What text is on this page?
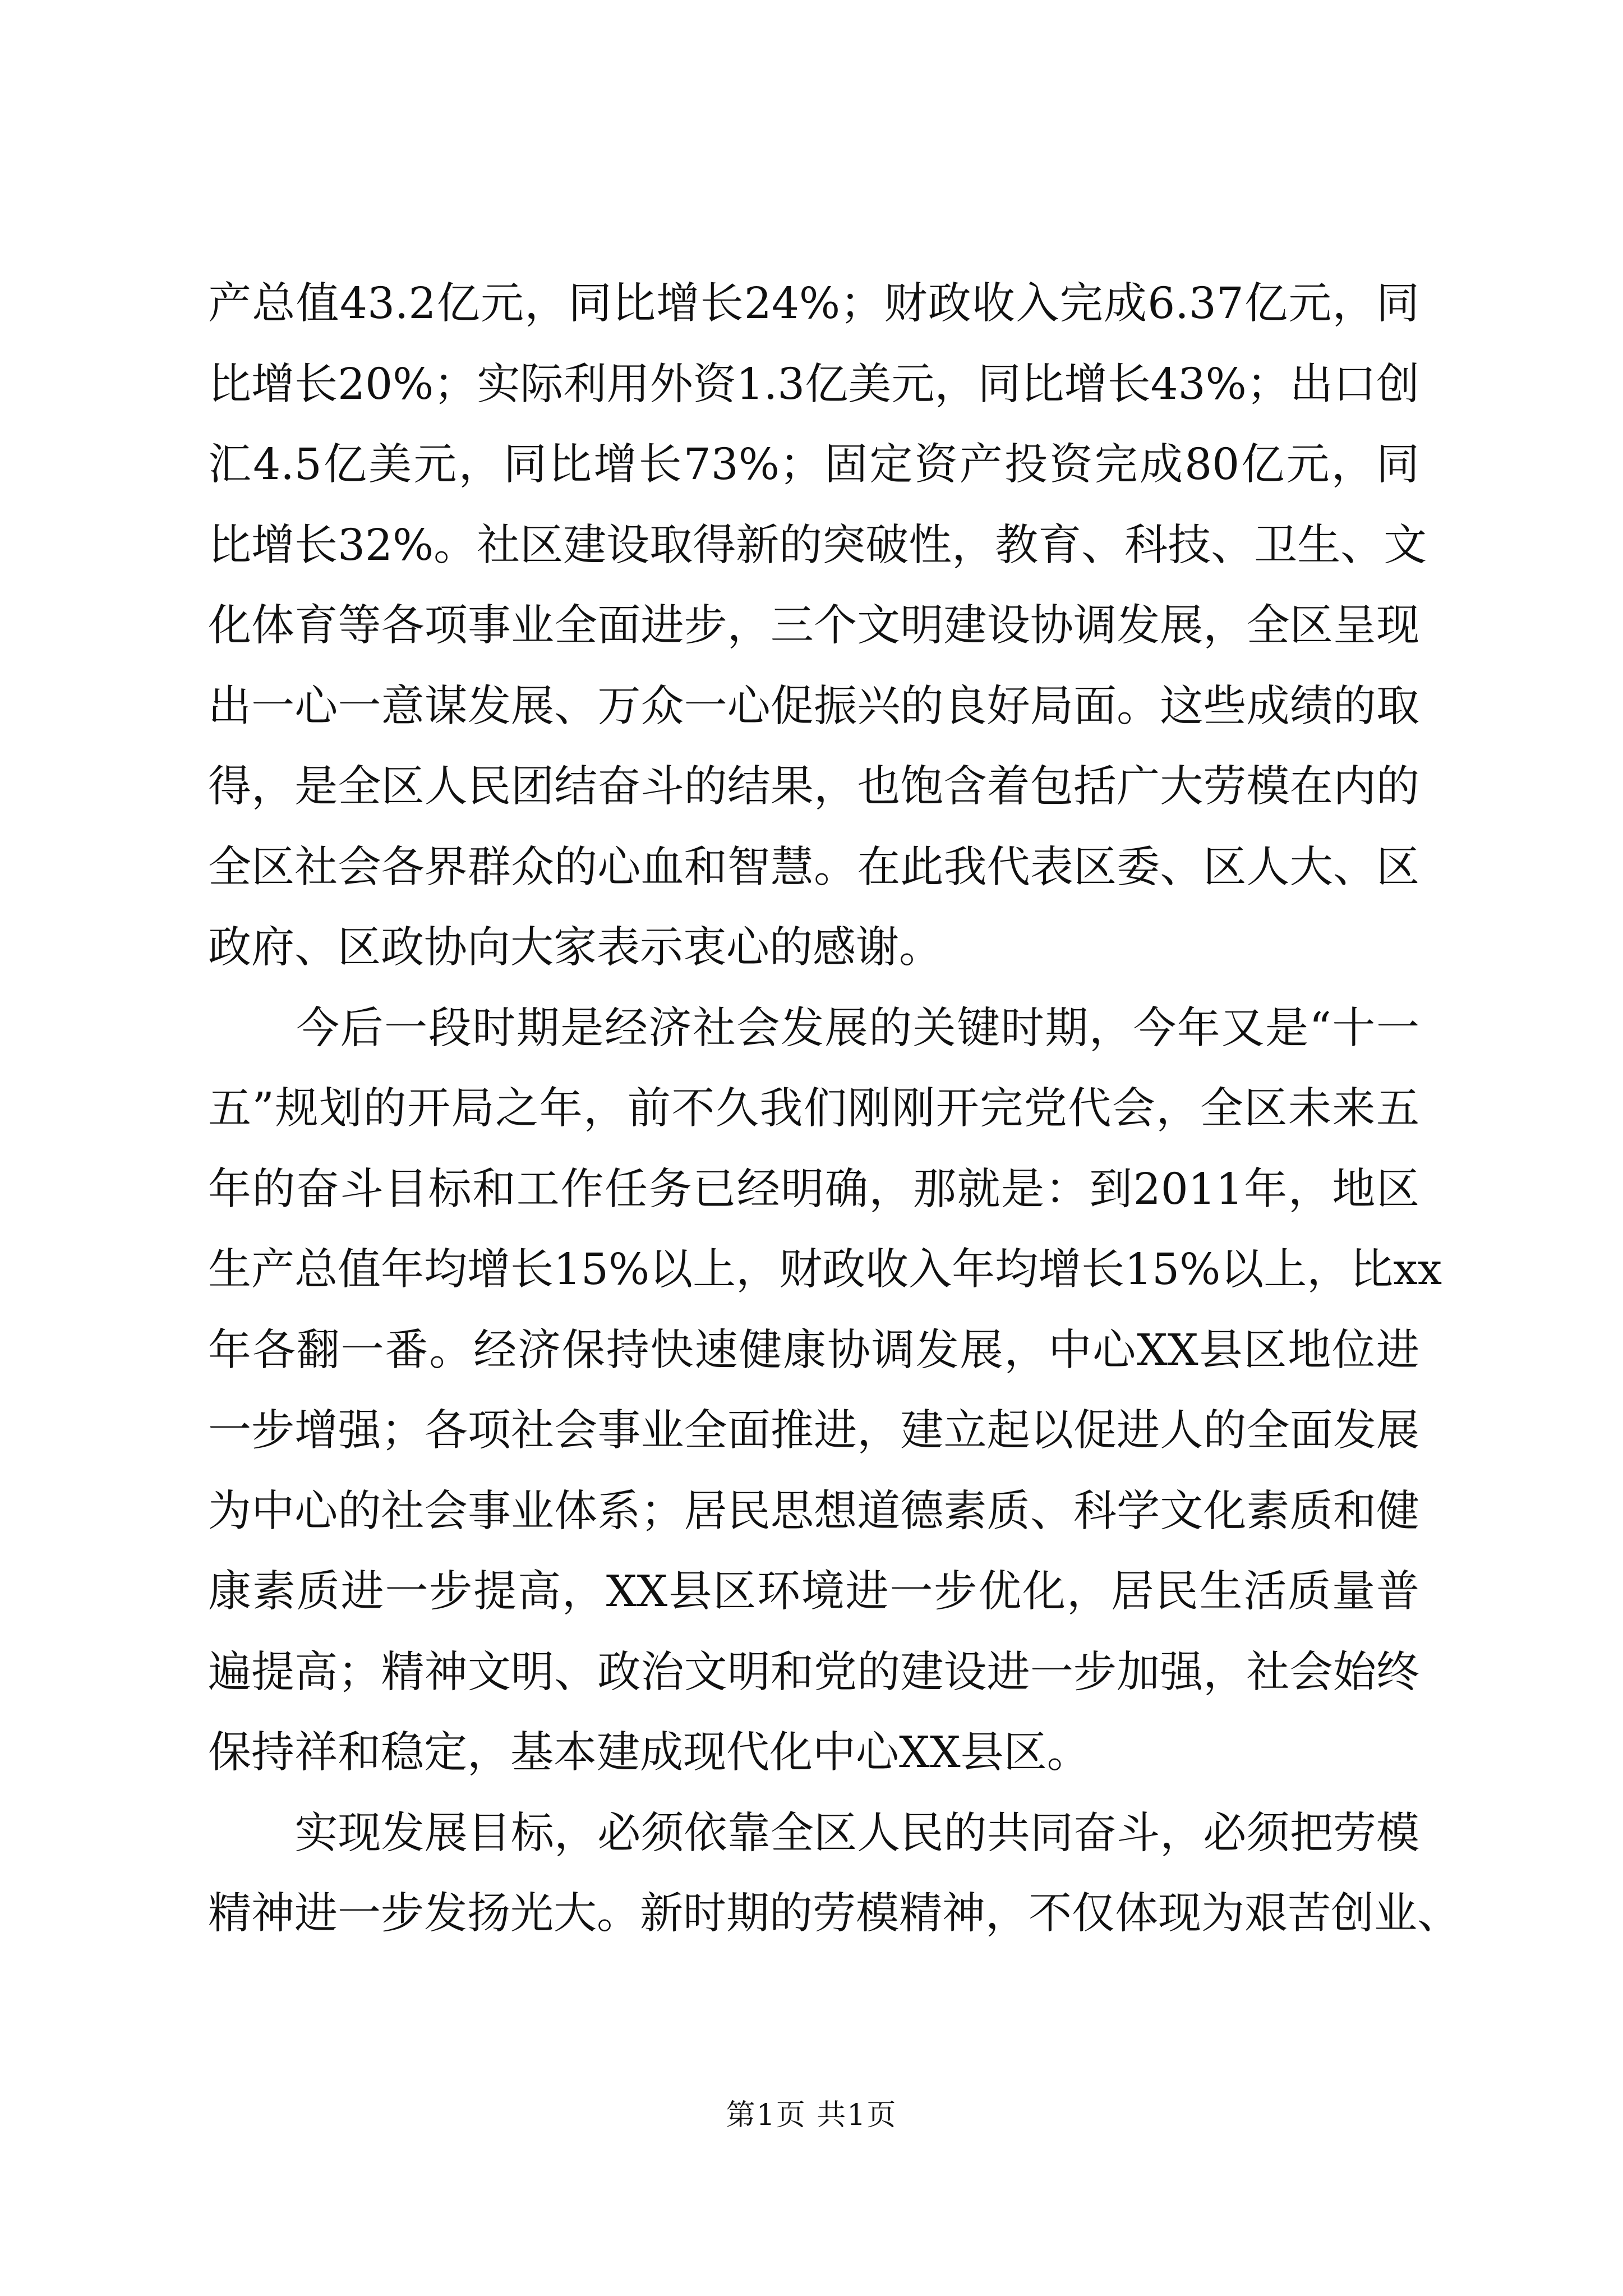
产总值43.2亿元，同比增长24%；财政收入完成6.37亿元，同
比增长20%；实际利用外资1.3亿美元，同比增长43%；出口创
汇4.5亿美元，同比增长73%；固定资产投资完成80亿元，同
比增长32%。社区建设取得新的突破性，教育、科技、卫生、文
化体育等各项事业全面进步，三个文明建设协调发展，全区呈现
出一心一意谋发展、万众一心促振兴的良好局面。这些成绩的取
得，是全区人民团结奋斗的结果，也饱含着包括广大劳模在内的
全区社会各界群众的心血和智慧。在此我代表区委、区人大、区
政府、区政协向大家表示衷心的感谢。
　　今后一段时期是经济社会发展的关键时期，今年又是“十一
五”规划的开局之年，前不久我们刚刚开完党代会，全区未来五
年的奋斗目标和工作任务已经明确，那就是：到2011年，地区
生产总值年均增长15%以上，财政收入年均增长15%以上，比xx
年各翻一番。经济保持快速健康协调发展，中心XX县区地位进
一步增强；各项社会事业全面推进，建立起以促进人的全面发展
为中心的社会事业体系；居民思想道德素质、科学文化素质和健
康素质进一步提高，XX县区环境进一步优化，居民生活质量普
遍提高；精神文明、政治文明和党的建设进一步加强，社会始终
保持祥和稳定，基本建成现代化中心XX县区。
　　实现发展目标，必须依靠全区人民的共同奋斗，必须把劳模
精神进一步发扬光大。新时期的劳模精神，不仅体现为艰苦创业、
第1页 共1页
